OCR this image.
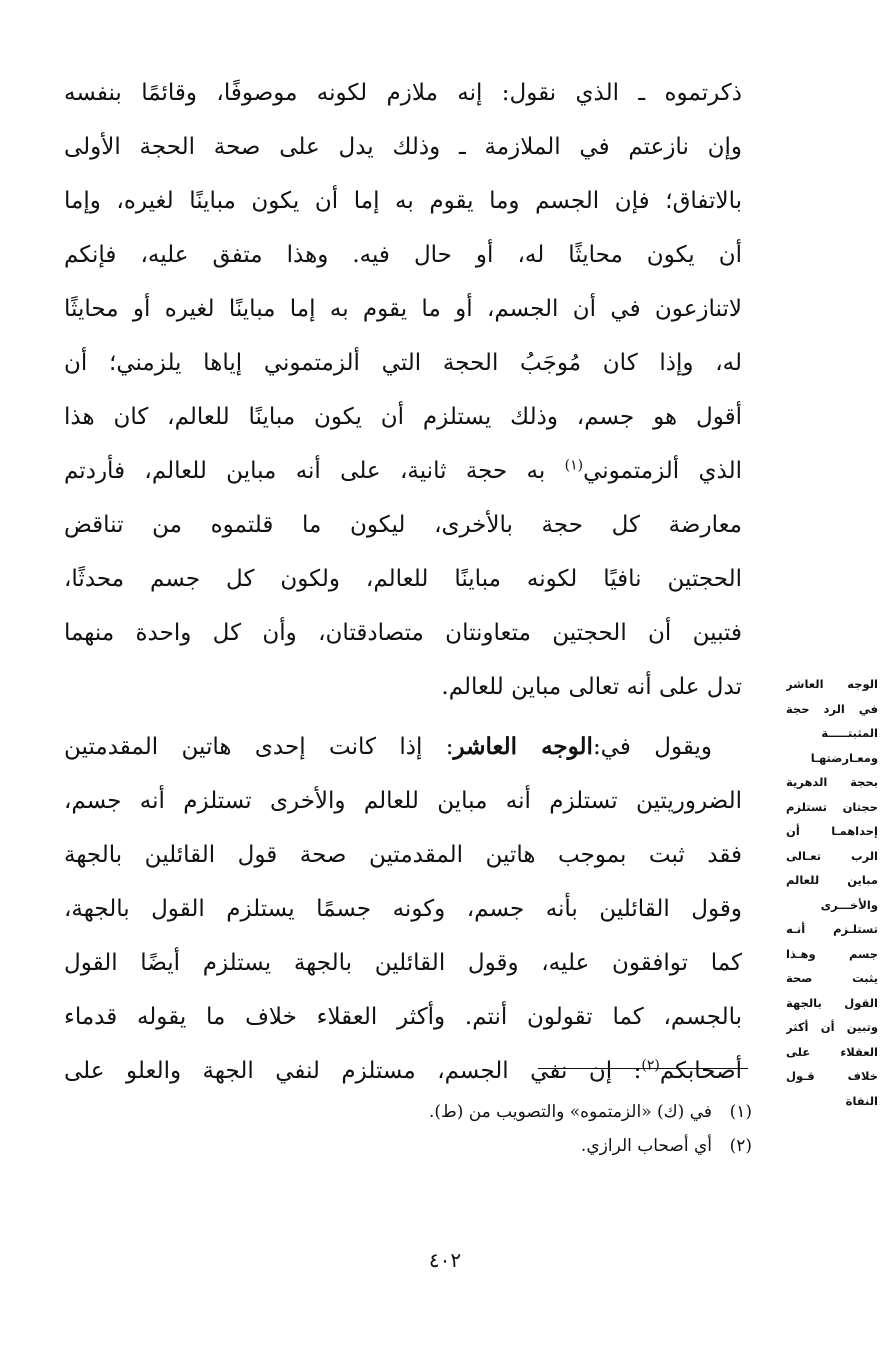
ذكرتموه ـ الذي نقول: إنه ملازم لكونه موصوفًا، وقائمًا بنفسه
وإن نازعتم في الملازمة ـ وذلك يدل على صحة الحجة الأولى
بالاتفاق؛ فإن الجسم وما يقوم به إما أن يكون مباينًا لغيره، وإما
أن يكون محايثًا له، أو حال فيه. وهذا متفق عليه، فإنكم
لاتنازعون في أن الجسم، أو ما يقوم به إما مباينًا لغيره أو محايثًا
له، وإذا كان مُوجَبُ الحجة التي ألزمتموني إياها يلزمني؛ أن
أقول هو جسم، وذلك يستلزم أن يكون مباينًا للعالم، كان هذا
الذي ألزمتموني$^{(١)}$ به حجة ثانية، على أنه مباين للعالم، فأردتم
معارضة كل حجة بالأخرى، ليكون ما قلتموه من تناقض
الحجتين نافيًا لكونه مباينًا للعالم، ولكون كل جسم محدثًا،
فتبين أن الحجتين متعاونتان متصادقتان، وأن كل واحدة منهما
تدل على أنه تعالى مباين للعالم.
ويقول في:الوجه العاشر: إذا كانت إحدى هاتين المقدمتين
الضروريتين تستلزم أنه مباين للعالم والأخرى تستلزم أنه جسم،
فقد ثبت بموجب هاتين المقدمتين صحة قول القائلين بالجهة
وقول القائلين بأنه جسم، وكونه جسمًا يستلزم القول بالجهة،
كما توافقون عليه، وقول القائلين بالجهة يستلزم أيضًا القول
بالجسم، كما تقولون أنتم. وأكثر العقلاء خلاف ما يقوله قدماء
أصحابكم$^{(٢)}$: إن نفي الجسم، مستلزم لنفي الجهة والعلو على
الوجه العاشر
في الرد حجة
المثبتـــــة
ومعـارضتهـا
بحجة الدهرية
حجتان تستلزم
إحداهمـا أن
الرب تعـالى
مباين للعالم
والأخـــرى
تستلـزم أنـه
جسم وهـذا
يثبت صحة
القول بالجهة
وتبين أن أكثر
العقلاء على
خلاف قـول
النفاة
(١)في (ك) «الزمتموه» والتصويب من (ط).
(٢)أي أصحاب الرازي.
٤٠٢
